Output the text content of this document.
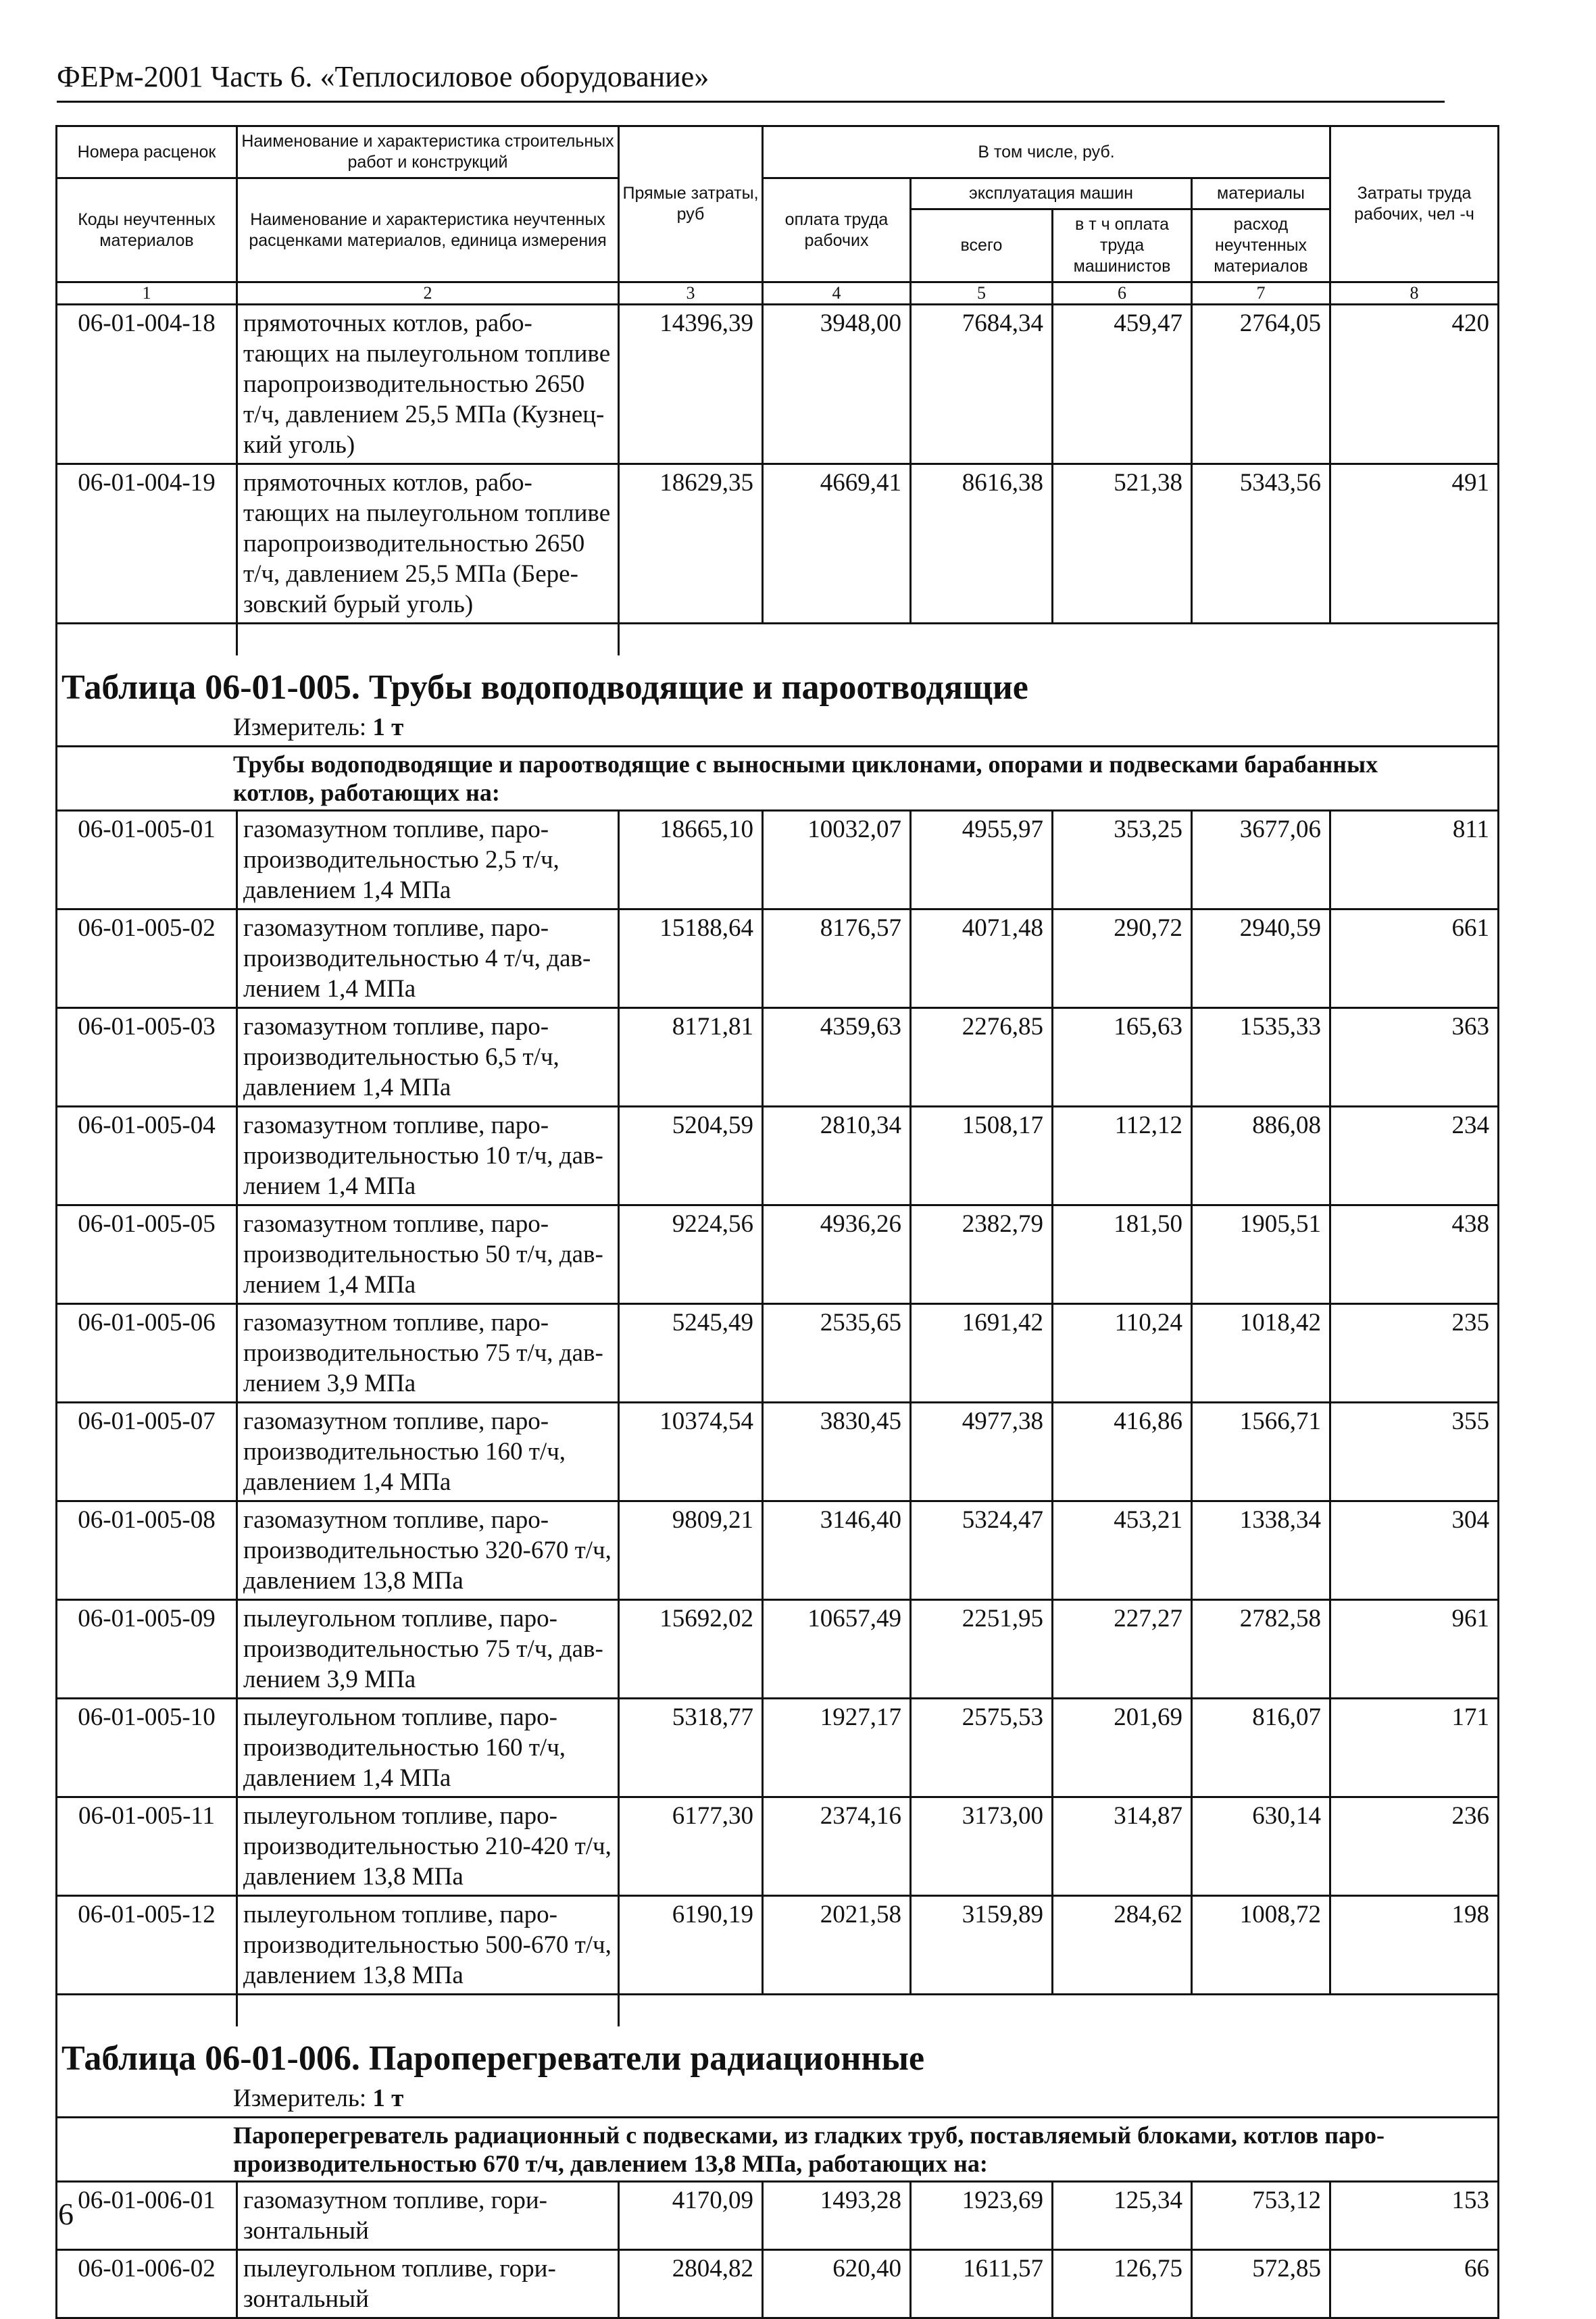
ФЕРм-2001 Часть 6. «Теплосиловое оборудование»
Номера расценок	Наименование и характеристика строительных работ и конструкций	Прямые затраты, руб	В том числе, руб.				Затраты труда рабочих, чел -ч
Коды неучтенных материалов	Наименование и характеристика неучтенных расценками материалов, единица измерения		оплата труда рабочих	эксплуатация машин		материалы	
				всего	в т ч оплата труда машинистов	расход неучтенных материалов	

1	2	3	4	5	6	7	8
06-01-004-18	прямоточных котлов, рабо-
тающих на пылеугольном топливе
паропроизводительностью 2650
т/ч, давлением 25,5 МПа (Кузнец-
кий уголь)	14396,39	3948,00	7684,34	459,47	2764,05	420
06-01-004-19	прямоточных котлов, рабо-
тающих на пылеугольном топливе
паропроизводительностью 2650
т/ч, давлением 25,5 МПа (Бере-
зовский бурый уголь)	18629,35	4669,41	8616,38	521,38	5343,56	491

Таблица 06-01-005. Трубы водоподводящие и пароотводящие							
Измеритель: 1 т							

Трубы водоподводящие и пароотводящие с выносными циклонами, опорами и подвесками барабанных
котлов, работающих на:							

06-01-005-01	газомазутном топливе, паро-
производительностью 2,5 т/ч,
давлением 1,4 МПа	18665,10	10032,07	4955,97	353,25	3677,06	811
06-01-005-02	газомазутном топливе, паро-
производительностью 4 т/ч, дав-
лением 1,4 МПа	15188,64	8176,57	4071,48	290,72	2940,59	661
06-01-005-03	газомазутном топливе, паро-
производительностью 6,5 т/ч,
давлением 1,4 МПа	8171,81	4359,63	2276,85	165,63	1535,33	363
06-01-005-04	газомазутном топливе, паро-
производительностью 10 т/ч, дав-
лением 1,4 МПа	5204,59	2810,34	1508,17	112,12	886,08	234
06-01-005-05	газомазутном топливе, паро-
производительностью 50 т/ч, дав-
лением 1,4 МПа	9224,56	4936,26	2382,79	181,50	1905,51	438
06-01-005-06	газомазутном топливе, паро-
производительностью 75 т/ч, дав-
лением 3,9 МПа	5245,49	2535,65	1691,42	110,24	1018,42	235
06-01-005-07	газомазутном топливе, паро-
производительностью 160 т/ч,
давлением 1,4 МПа	10374,54	3830,45	4977,38	416,86	1566,71	355
06-01-005-08	газомазутном топливе, паро-
производительностью 320-670 т/ч,
давлением 13,8 МПа	9809,21	3146,40	5324,47	453,21	1338,34	304
06-01-005-09	пылеугольном топливе, паро-
производительностью 75 т/ч, дав-
лением 3,9 МПа	15692,02	10657,49	2251,95	227,27	2782,58	961
06-01-005-10	пылеугольном топливе, паро-
производительностью 160 т/ч,
давлением 1,4 МПа	5318,77	1927,17	2575,53	201,69	816,07	171
06-01-005-11	пылеугольном топливе, паро-
производительностью 210-420 т/ч,
давлением 13,8 МПа	6177,30	2374,16	3173,00	314,87	630,14	236
06-01-005-12	пылеугольном топливе, паро-
производительностью 500-670 т/ч,
давлением 13,8 МПа	6190,19	2021,58	3159,89	284,62	1008,72	198

Таблица 06-01-006. Пароперегреватели радиационные							
Измеритель: 1 т							

Пароперегреватель радиационный с подвесками, из гладких труб, поставляемый блоками, котлов паро-
производительностью 670 т/ч, давлением 13,8 МПа, работающих на:							

06-01-006-01	газомазутном топливе, гори-
зонтальный	4170,09	1493,28	1923,69	125,34	753,12	153
06-01-006-02	пылеугольном топливе, гори-
зонтальный	2804,82	620,40	1611,57	126,75	572,85	66
6
